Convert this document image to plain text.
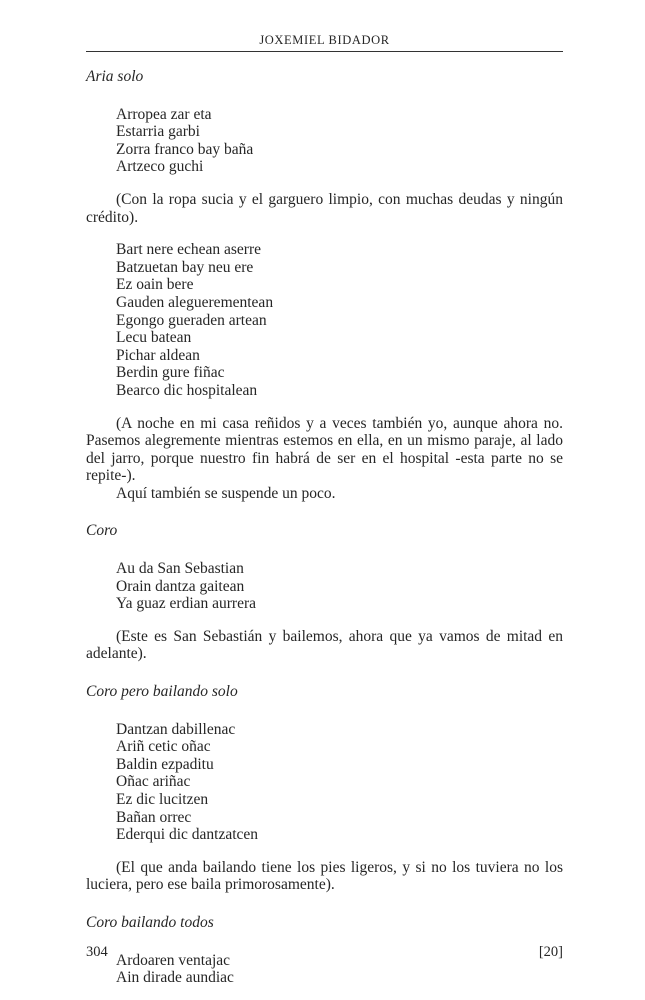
JOXEMIEL BIDADOR
Aria solo
Arropea zar eta
Estarria garbi
Zorra franco bay baña
Artzeco guchi

(Con la ropa sucia y el garguero limpio, con muchas deudas y ningún crédito).

Bart nere echean aserre
Batzuetan bay neu ere
Ez oain bere
Gauden aleguerementean
Egongo gueraden artean
Lecu batean
Pichar aldean
Berdin gure fiñac
Bearco dic hospitalean

(A noche en mi casa reñidos y a veces también yo, aunque ahora no. Pasemos alegremente mientras estemos en ella, en un mismo paraje, al lado del jarro, porque nuestro fin habrá de ser en el hospital -esta parte no se repite-).

Aquí también se suspende un poco.

Coro
Au da San Sebastian
Orain dantza gaitean
Ya guaz erdian aurrera

(Este es San Sebastián y bailemos, ahora que ya vamos de mitad en adelante).

Coro pero bailando solo
Dantzan dabillenac
Ariñ cetic oñac
Baldin ezpaditu
Oñac ariñac
Ez dic lucitzen
Bañan orrec
Ederqui dic dantzatcen

(El que anda bailando tiene los pies ligeros, y si no los tuviera no los luciera, pero ese baila primorosamente).

Coro bailando todos
Ardoaren ventajac
Ain dirade aundiac
304	[20]
